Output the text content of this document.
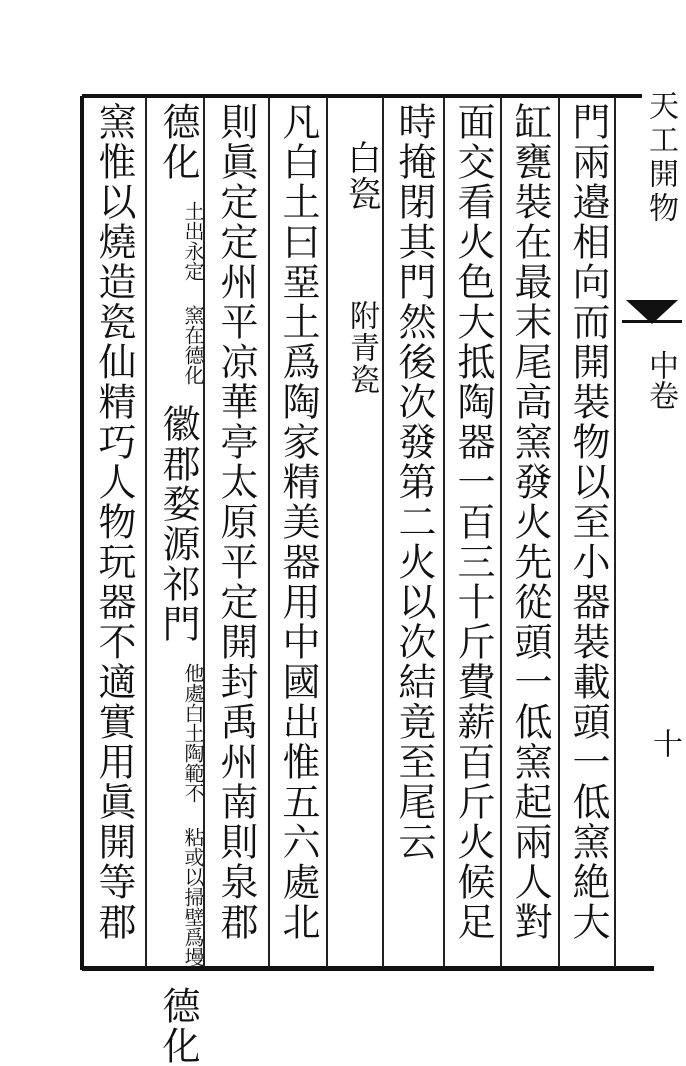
門兩邉相向而開裝物以至小器裝載頭一低窯絶大
缸甕裝在最末尾高窯發火先從頭一低窯起兩人對
面交看火色大抵陶器一百三十斤費薪百斤火候足
時掩閉其門然後次發第二火以次結竟至尾云
白瓷  附青瓷
凡白土曰堊土爲陶家精美器用中國出惟五六處北
則眞定定州平凉華亭太原平定開封禹州南則泉郡
德化 土出永定 窯在德化 徽郡婺源祁門 他處白土陶範不 粘或以掃壁爲墁 德化
窯惟以燒造瓷仙精巧人物玩器不適實用眞開等郡	天工開物
中卷
十
